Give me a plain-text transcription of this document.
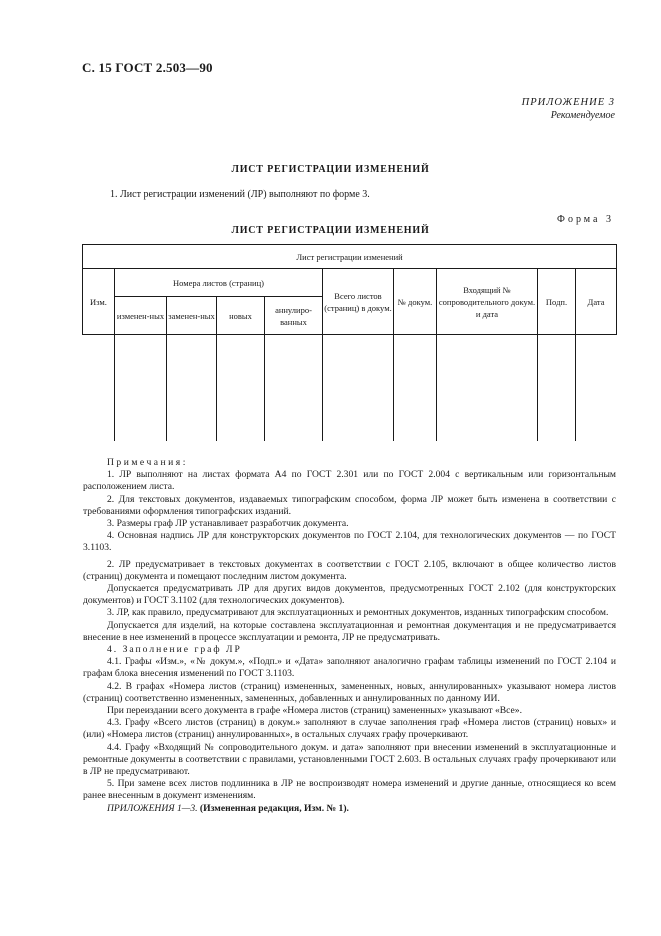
С. 15 ГОСТ 2.503—90
ПРИЛОЖЕНИЕ 3
Рекомендуемое
ЛИСТ РЕГИСТРАЦИИ ИЗМЕНЕНИЙ
1. Лист регистрации изменений (ЛР) выполняют по форме 3.
Форма 3
ЛИСТ РЕГИСТРАЦИИ ИЗМЕНЕНИЙ
Лист регистрации изменений									
Изм.	Номера листов (страниц)				Всего листов (страниц) в докум.	№ докум.	Входящий № сопроводительного докум. и дата	Подп.	Дата
	изменен-ных	заменен-ных	новых	аннулиро-ванных					

Примечания:

1. ЛР выполняют на листах формата А4 по ГОСТ 2.301 или по ГОСТ 2.004 с вертикальным или горизонтальным расположением листа.

2. Для текстовых документов, издаваемых типографским способом, форма ЛР может быть изменена в соответствии с требованиями оформления типографских изданий.

3. Размеры граф ЛР устанавливает разработчик документа.

4. Основная надпись ЛР для конструкторских документов по ГОСТ 2.104, для технологических документов — по ГОСТ 3.1103.

2. ЛР предусматривает в текстовых документах в соответствии с ГОСТ 2.105, включают в общее количество листов (страниц) документа и помещают последним листом документа.

Допускается предусматривать ЛР для других видов документов, предусмотренных ГОСТ 2.102 (для конструкторских документов) и ГОСТ 3.1102 (для технологических документов).

3. ЛР, как правило, предусматривают для эксплуатационных и ремонтных документов, изданных типографским способом.

Допускается для изделий, на которые составлена эксплуатационная и ремонтная документация и не предусматривается внесение в нее изменений в процессе эксплуатации и ремонта, ЛР не предусматривать.

4. Заполнение граф ЛР

4.1. Графы «Изм.», «№ докум.», «Подп.» и «Дата» заполняют аналогично графам таблицы изменений по ГОСТ 2.104 и графам блока внесения изменений по ГОСТ 3.1103.

4.2. В графах «Номера листов (страниц) измененных, замененных, новых, аннулированных» указывают номера листов (страниц) соответственно измененных, замененных, добавленных и аннулированных по данному ИИ.

При переиздании всего документа в графе «Номера листов (страниц) замененных» указывают «Все».

4.3. Графу «Всего листов (страниц) в докум.» заполняют в случае заполнения граф «Номера листов (страниц) новых» и (или) «Номера листов (страниц) аннулированных», в остальных случаях графу прочеркивают.

4.4. Графу «Входящий № сопроводительного докум. и дата» заполняют при внесении изменений в эксплуатационные и ремонтные документы в соответствии с правилами, установленными ГОСТ 2.603. В остальных случаях графу прочеркивают или в ЛР не предусматривают.

5. При замене всех листов подлинника в ЛР не воспроизводят номера изменений и другие данные, относящиеся ко всем ранее внесенным в документ изменениям.

ПРИЛОЖЕНИЯ 1—3. (Измененная редакция, Изм. № 1).
